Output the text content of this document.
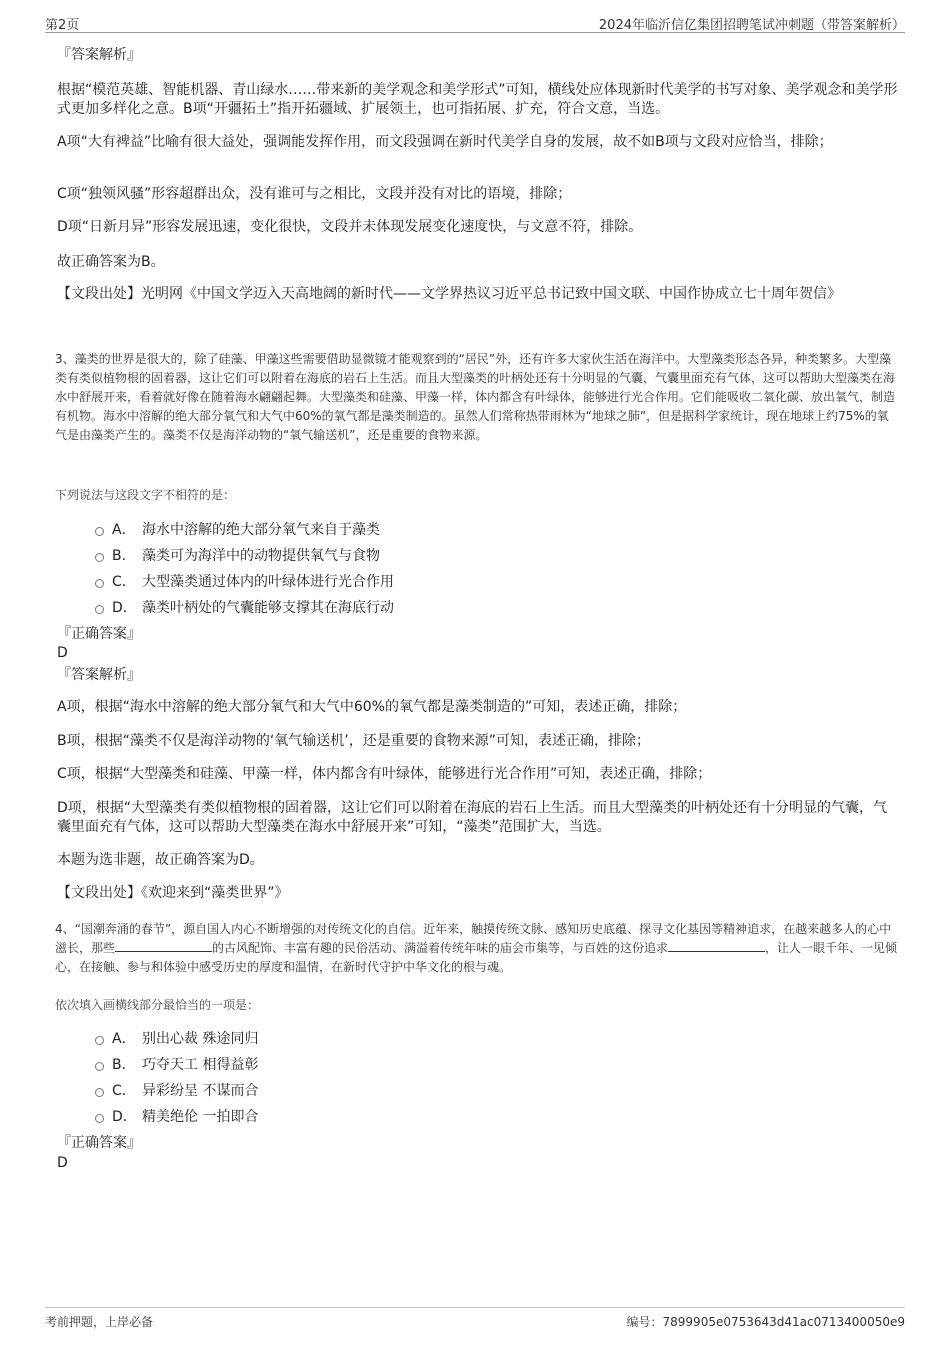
第2页	2024年临沂信亿集团招聘笔试冲刺题（带答案解析）

『答案解析』

根据“模范英雄、智能机器、青山绿水……带来新的美学观念和美学形式”可知，横线处应体现新时代美学的书写对象、美学观念和美学形式更加多样化之意。B项“开疆拓土”指开拓疆域、扩展领土，也可指拓展、扩充，符合文意，当选。

A项“大有裨益”比喻有很大益处，强调能发挥作用，而文段强调在新时代美学自身的发展，故不如B项与文段对应恰当，排除；

C项“独领风骚”形容超群出众，没有谁可与之相比，文段并没有对比的语境，排除；

D项“日新月异”形容发展迅速，变化很快，文段并未体现发展变化速度快，与文意不符，排除。

故正确答案为B。

【文段出处】光明网《中国文学迈入天高地阔的新时代——文学界热议习近平总书记致中国文联、中国作协成立七十周年贺信》

3、藻类的世界是很大的，除了硅藻、甲藻这些需要借助显微镜才能观察到的“居民”外，还有许多大家伙生活在海洋中。大型藻类形态各异，种类繁多。大型藻类有类似植物根的固着器，这让它们可以附着在海底的岩石上生活。而且大型藻类的叶柄处还有十分明显的气囊，气囊里面充有气体，这可以帮助大型藻类在海水中舒展开来，看着就好像在随着海水翩翩起舞。大型藻类和硅藻、甲藻一样，体内都含有叶绿体，能够进行光合作用。它们能吸收二氧化碳、放出氧气，制造有机物。海水中溶解的绝大部分氧气和大气中60%的氧气都是藻类制造的。虽然人们常称热带雨林为“地球之肺”，但是据科学家统计，现在地球上约75%的氧气是由藻类产生的。藻类不仅是海洋动物的“氧气输送机”，还是重要的食物来源。

下列说法与这段文字不相符的是：

A． 海水中溶解的绝大部分氧气来自于藻类
B． 藻类可为海洋中的动物提供氧气与食物
C． 大型藻类通过体内的叶绿体进行光合作用
D． 藻类叶柄处的气囊能够支撑其在海底行动

『正确答案』

D

『答案解析』

A项，根据“海水中溶解的绝大部分氧气和大气中60%的氧气都是藻类制造的”可知，表述正确，排除；

B项，根据“藻类不仅是海洋动物的‘氧气输送机’，还是重要的食物来源”可知，表述正确，排除；

C项，根据“大型藻类和硅藻、甲藻一样，体内都含有叶绿体，能够进行光合作用”可知，表述正确，排除；

D项，根据“大型藻类有类似植物根的固着器，这让它们可以附着在海底的岩石上生活。而且大型藻类的叶柄处还有十分明显的气囊，气囊里面充有气体，这可以帮助大型藻类在海水中舒展开来”可知，“藻类”范围扩大，当选。

本题为选非题，故正确答案为D。

【文段出处】《欢迎来到“藻类世界”》

4、“国潮奔涌的春节”，源自国人内心不断增强的对传统文化的自信。近年来，触摸传统文脉、感知历史底蕴、探寻文化基因等精神追求，在越来越多人的心中滋长，那些	的古风配饰、丰富有趣的民俗活动、满溢着传统年味的庙会市集等，与百姓的这份追求	，让人一眼千年、一见倾心，在接触、参与和体验中感受历史的厚度和温情，在新时代守护中华文化的根与魂。

依次填入画横线部分最恰当的一项是：

A． 别出心裁 殊途同归
B． 巧夺天工 相得益彰
C． 异彩纷呈 不谋而合
D． 精美绝伦 一拍即合

『正确答案』

D

考前押题，上岸必备	编号：7899905e0753643d41ac0713400050e9
